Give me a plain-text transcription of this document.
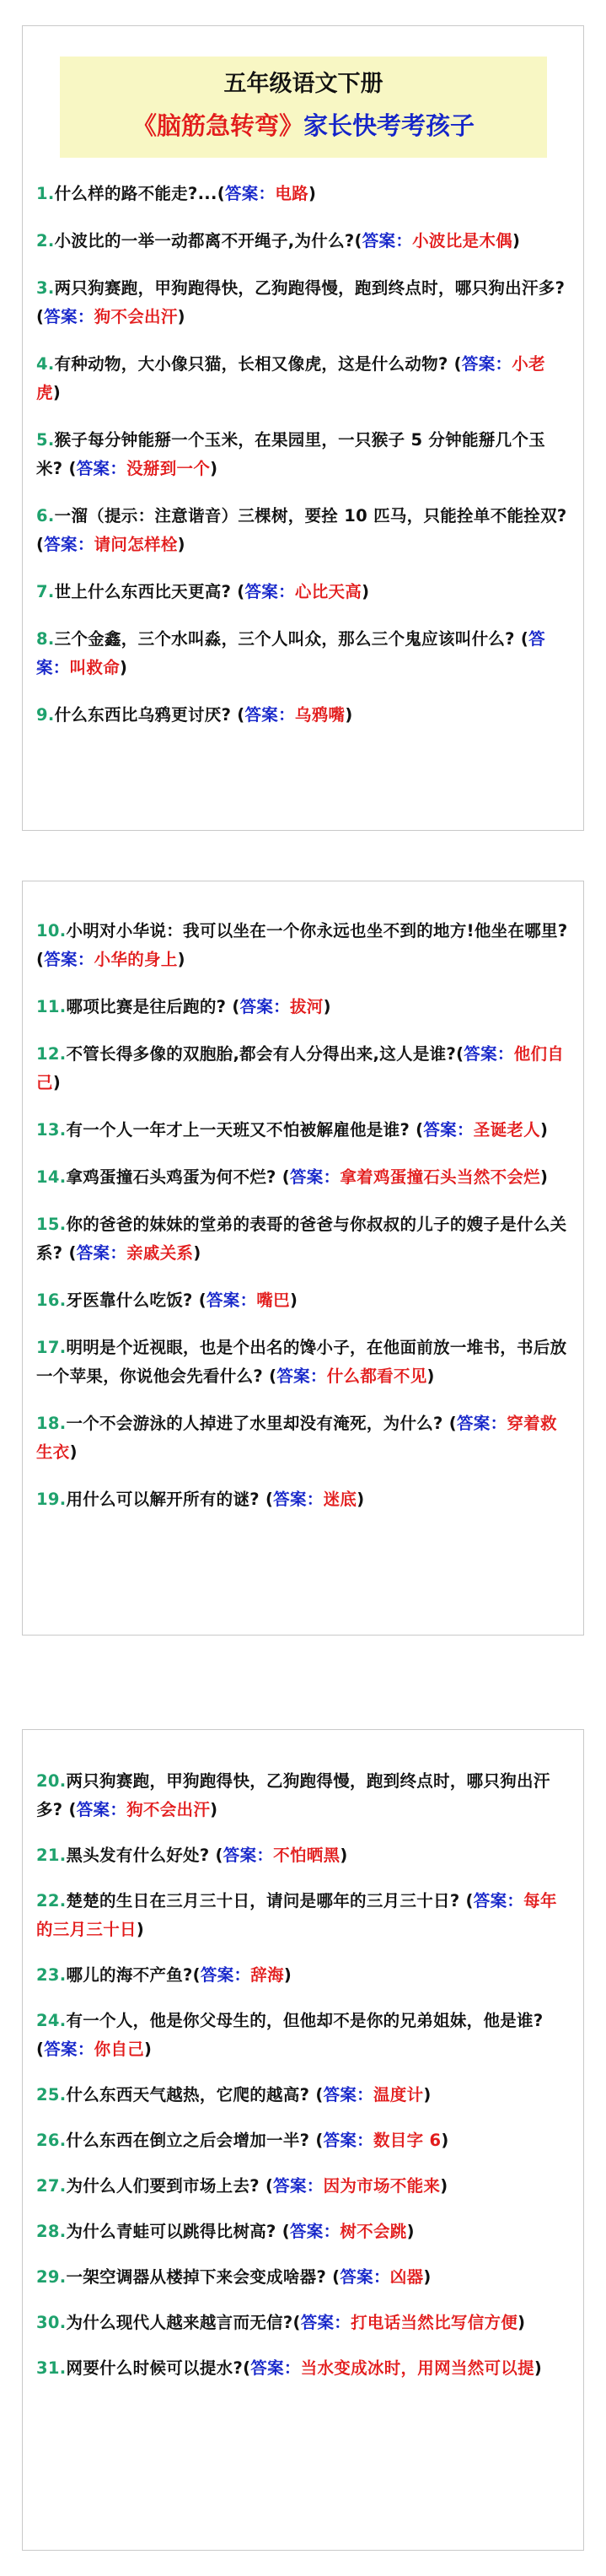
五年级语文下册
《脑筋急转弯》家长快考考孩子
1.什么样的路不能走?...(答案：电路)
2.小波比的一举一动都离不开绳子,为什么?(答案：小波比是木偶)
3.两只狗赛跑，甲狗跑得快，乙狗跑得慢，跑到终点时，哪只狗出汗多? (答案：狗不会出汗)
4.有种动物，大小像只猫，长相又像虎，这是什么动物? (答案：小老虎)
5.猴子每分钟能掰一个玉米，在果园里，一只猴子 5 分钟能掰几个玉米? (答案：没掰到一个)
6.一溜（提示：注意谐音）三棵树，要拴 10 匹马，只能拴单不能拴双? (答案：请问怎样栓)
7.世上什么东西比天更高? (答案：心比天高)
8.三个金鑫，三个水叫淼，三个人叫众，那么三个鬼应该叫什么? (答案：叫救命)
9.什么东西比乌鸦更讨厌? (答案：乌鸦嘴)
10.小明对小华说：我可以坐在一个你永远也坐不到的地方!他坐在哪里? (答案：小华的身上)
11.哪项比赛是往后跑的? (答案：拔河)
12.不管长得多像的双胞胎,都会有人分得出来,这人是谁?(答案：他们自己)
13.有一个人一年才上一天班又不怕被解雇他是谁? (答案：圣诞老人)
14.拿鸡蛋撞石头鸡蛋为何不烂? (答案：拿着鸡蛋撞石头当然不会烂)
15.你的爸爸的妹妹的堂弟的表哥的爸爸与你叔叔的儿子的嫂子是什么关系? (答案：亲戚关系)
16.牙医靠什么吃饭? (答案：嘴巴)
17.明明是个近视眼，也是个出名的馋小子，在他面前放一堆书，书后放一个苹果，你说他会先看什么? (答案：什么都看不见)
18.一个不会游泳的人掉进了水里却没有淹死，为什么? (答案：穿着救生衣)
19.用什么可以解开所有的谜? (答案：迷底)
20.两只狗赛跑，甲狗跑得快，乙狗跑得慢，跑到终点时，哪只狗出汗多? (答案：狗不会出汗)
21.黑头发有什么好处? (答案：不怕晒黑)
22.楚楚的生日在三月三十日，请问是哪年的三月三十日? (答案：每年的三月三十日)
23.哪儿的海不产鱼?(答案：辞海)
24.有一个人，他是你父母生的，但他却不是你的兄弟姐妹，他是谁? (答案：你自己)
25.什么东西天气越热，它爬的越高? (答案：温度计)
26.什么东西在倒立之后会增加一半? (答案：数目字 6)
27.为什么人们要到市场上去? (答案：因为市场不能来)
28.为什么青蛙可以跳得比树高? (答案：树不会跳)
29.一架空调器从楼掉下来会变成啥器? (答案：凶器)
30.为什么现代人越来越言而无信?(答案：打电话当然比写信方便)
31.网要什么时候可以提水?(答案：当水变成冰时，用网当然可以提)
